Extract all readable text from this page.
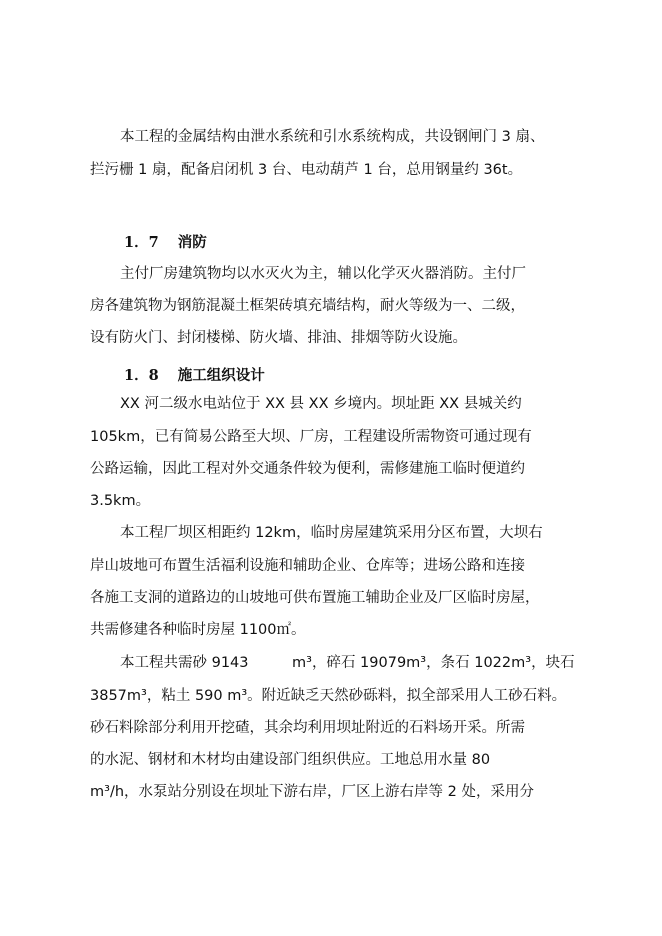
本工程的金属结构由泄水系统和引水系统构成，共设钢闸门 3 扇、
拦污栅 1 扇，配备启闭机 3 台、电动葫芦 1 台，总用钢量约 36t。
1．7 消防
主付厂房建筑物均以水灭火为主，辅以化学灭火器消防。主付厂
房各建筑物为钢筋混凝土框架砖填充墙结构，耐火等级为一、二级，
设有防火门、封闭楼梯、防火墙、排油、排烟等防火设施。
1．8 施工组织设计
XX 河二级水电站位于 XX 县 XX 乡境内。坝址距 XX 县城关约
105km，已有简易公路至大坝、厂房，工程建设所需物资可通过现有
公路运输，因此工程对外交通条件较为便利，需修建施工临时便道约
3.5km。
本工程厂坝区相距约 12km，临时房屋建筑采用分区布置，大坝右
岸山坡地可布置生活福利设施和辅助企业、仓库等；进场公路和连接
各施工支洞的道路边的山坡地可供布置施工辅助企业及厂区临时房屋，
共需修建各种临时房屋 1100㎡。
本工程共需砂 9143　　　m³，碎石 19079m³，条石 1022m³，块石
3857m³，粘土 590 m³。附近缺乏天然砂砾料，拟全部采用人工砂石料。
砂石料除部分利用开挖碴，其余均利用坝址附近的石料场开采。所需
的水泥、钢材和木材均由建设部门组织供应。工地总用水量 80
m³/h，水泵站分别设在坝址下游右岸，厂区上游右岸等 2 处，采用分
